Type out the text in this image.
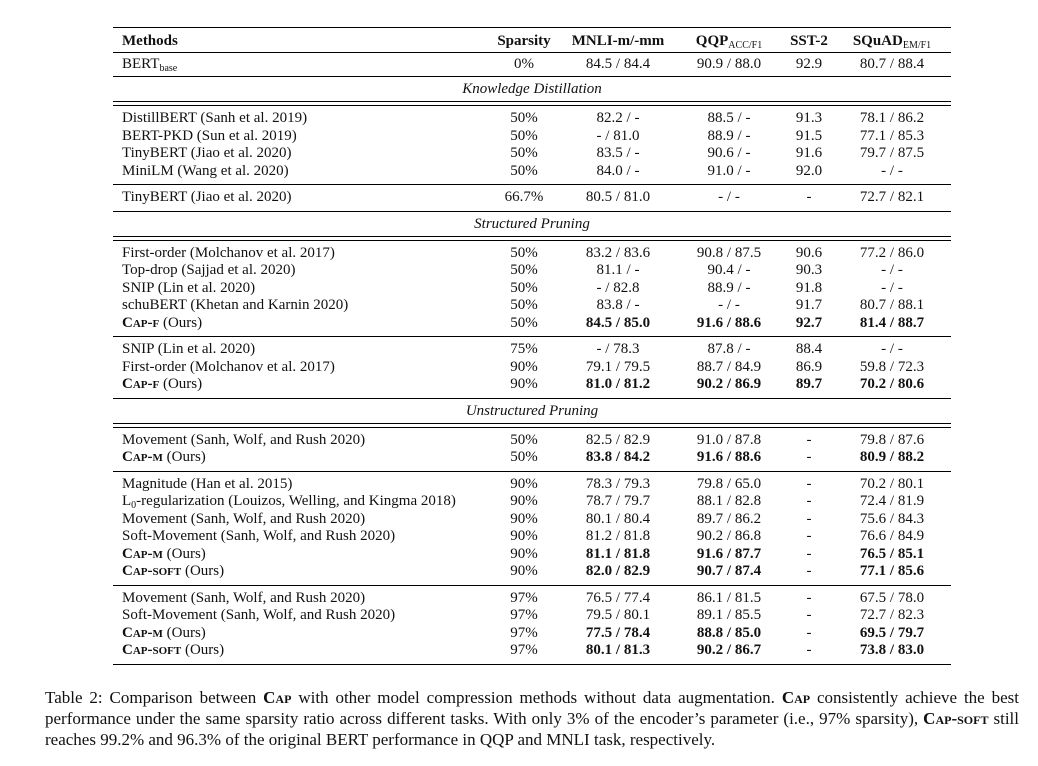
Methods	Sparsity MNLI-m/-mm	$QQP_{ACC/F1}$	SST-2	SQuAD$_{EM/F1}$
$BERT_{base}$	0%	84.5 / 84.4	90.9 / 88.0	92.9	80.7 / 88.4
Knowledge Distillation
DistillBERT (Sanh et al. 2019)	50%	82.2 / -	88.5 / -	91.3	78.1 / 86.2
BERT-PKD (Sun et al. 2019)	50%	- / 81.0	88.9 / -	91.5	77.1 / 85.3
TinyBERT (Jiao et al. 2020)	50%	83.5 / -	90.6 / -	91.6	79.7 / 87.5
MiniLM (Wang et al. 2020)	50%	84.0 / -	91.0 / -	92.0	- / -
TinyBERT (Jiao et al. 2020)	66.7%	80.5 / 81.0	- / -	-	72.7 / 82.1
Structured Pruning
First-order (Molchanov et al. 2017)	50%	83.2 / 83.6	90.8 / 87.5	90.6	77.2 / 86.0
Top-drop (Sajjad et al. 2020)	50%	81.1 / -	90.4 / -	90.3	- / -
SNIP (Lin et al. 2020)	50%	- / 82.8	88.9 / -	91.8	- / -
schuBERT (Khetan and Karnin 2020)	50%	83.8 / -	- / -	91.7	80.7 / 88.1
Cap-f (Ours)	50%	84.5 / 85.0	91.6 / 88.6	92.7	81.4 / 88.7
SNIP (Lin et al. 2020)	75%	- / 78.3	87.8 / -	88.4	- / -
First-order (Molchanov et al. 2017)	90%	79.1 / 79.5	88.7 / 84.9	86.9	59.8 / 72.3
Cap-f (Ours)	90%	81.0 / 81.2	90.2 / 86.9	89.7	70.2 / 80.6
Unstructured Pruning
Movement (Sanh, Wolf, and Rush 2020)	50%	82.5 / 82.9	91.0 / 87.8	-	79.8 / 87.6
Cap-m (Ours)	50%	83.8 / 84.2	91.6 / 88.6	-	80.9 / 88.2
Magnitude (Han et al. 2015)	90%	78.3 / 79.3	79.8 / 65.0	-	70.2 / 80.1
$L_0$-regularization (Louizos, Welling, and Kingma 2018)	90%	78.7 / 79.7	88.1 / 82.8	-	72.4 / 81.9
Movement (Sanh, Wolf, and Rush 2020)	90%	80.1 / 80.4	89.7 / 86.2	-	75.6 / 84.3
Soft-Movement (Sanh, Wolf, and Rush 2020)	90%	81.2 / 81.8	90.2 / 86.8	-	76.6 / 84.9
Cap-m (Ours)	90%	81.1 / 81.8	91.6 / 87.7	-	76.5 / 85.1
Cap-soft (Ours)	90%	82.0 / 82.9	90.7 / 87.4	-	77.1 / 85.6
Movement (Sanh, Wolf, and Rush 2020)	97%	76.5 / 77.4	86.1 / 81.5	-	67.5 / 78.0
Soft-Movement (Sanh, Wolf, and Rush 2020)	97%	79.5 / 80.1	89.1 / 85.5	-	72.7 / 82.3
Cap-m (Ours)	97%	77.5 / 78.4	88.8 / 85.0	-	69.5 / 79.7
Cap-soft (Ours)	97%	80.1 / 81.3	90.2 / 86.7	-	73.8 / 83.0
Table 2: Comparison between Cap with other model compression methods without data augmentation. Cap consistently achieve the best performance under the same sparsity ratio across different tasks. With only 3% of the encoder’s parameter (i.e., 97% sparsity), Cap-soft still reaches 99.2% and 96.3% of the original BERT performance in QQP and MNLI task, respectively.
